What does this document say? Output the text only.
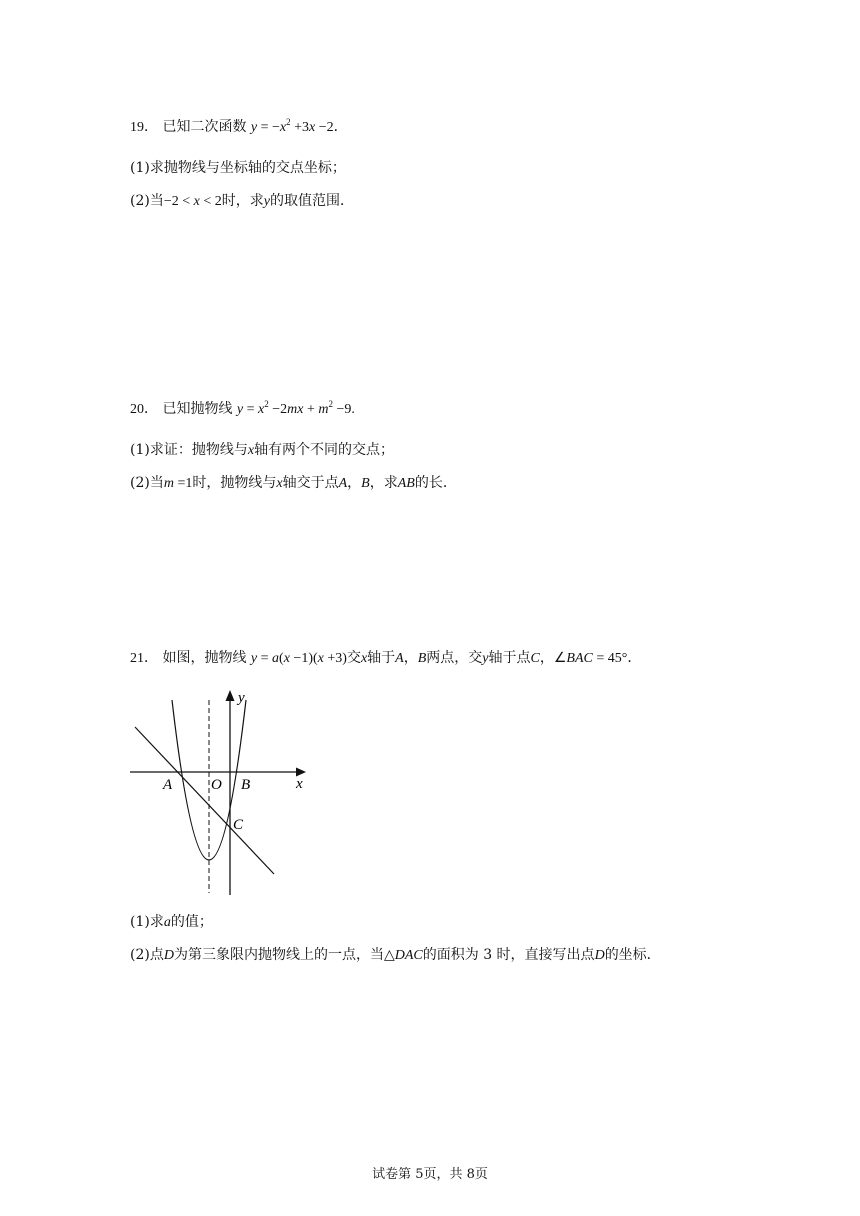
19． 已知二次函数 $y = -x^2 +3x -2$．
(1)求抛物线与坐标轴的交点坐标；
(2)当−2 < x < 2时，求y的取值范围．
20． 已知抛物线 $y = x^2 -2mx + m^2 -9$.
(1)求证：抛物线与x轴有两个不同的交点；
(2)当m =1时，抛物线与x轴交于点A，B，求AB的长．
21． 如图，抛物线 y = a(x −1)(x +3)交x轴于A，B两点，交y轴于点C，∠BAC = 45°．
y
x
A	O B
C
(1)求a的值；
(2)点D为第三象限内抛物线上的一点，当△DAC的面积为 3 时，直接写出点D的坐标．
试卷第 5页，共 8页
